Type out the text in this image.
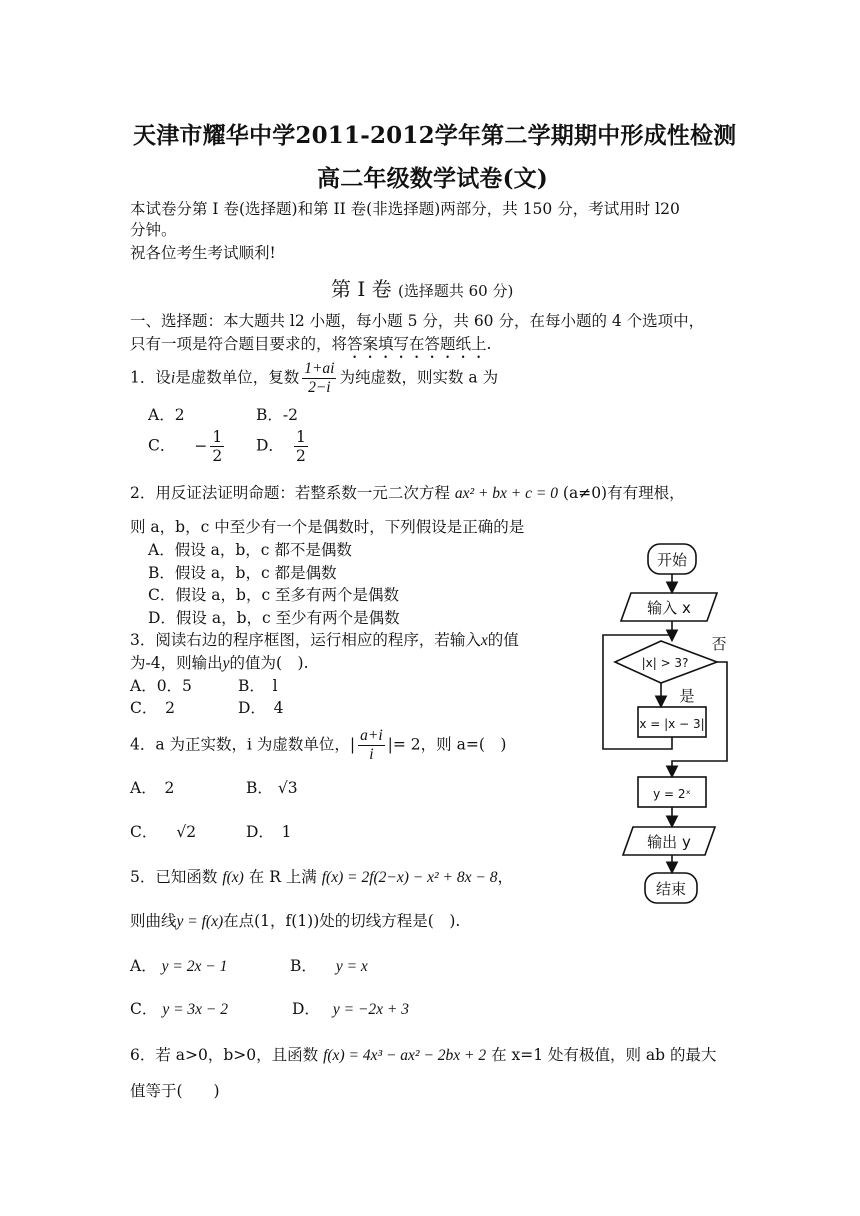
天津市耀华中学2011-2012学年第二学期期中形成性检测
高二年级数学试卷(文)
本试卷分第 I 卷(选择题)和第 II 卷(非选择题)两部分，共 150 分，考试用时 l20
分钟。
祝各位考生考试顺利!
第 I 卷 (选择题共 60 分)
一、选择题：本大题共 l2 小题，每小题 5 分，共 60 分，在每小题的 4 个选项中，
只有一项是符合题目要求的，将答案填写在答题纸上.
1．设i是虚数单位，复数 $\frac{1+ai}{2-i}$ 为纯虚数，则实数 a 为
A．2	B．-2
C． − $\frac{1}{2}$ D． $\frac{1}{2}$
2．用反证法证明命题：若整系数一元二次方程 ax² + bx + c = 0 (a≠0)有有理根，
则 a，b，c 中至少有一个是偶数时，下列假设是正确的是
A．假设 a，b，c 都不是偶数
B．假设 a，b，c 都是偶数
C．假设 a，b，c 至多有两个是偶数
D．假设 a，b，c 至少有两个是偶数
3．阅读右边的程序框图，运行相应的程序，若输入x的值
为-4，则输出y的值为(　).
A．0．5	B．　l
C．　2	D．　4
4．a 为正实数，i 为虚数单位，| $\frac{a+i}{i}$ |= 2，则 a=(　)
A．　2	B． √3
C． √2	D．　1
5．已知函数 f(x) 在 R 上满 f(x) = 2f(2−x) − x² + 8x − 8，
则曲线y = f(x)在点(1，f(1))处的切线方程是(　).
A． y = 2x − 1	B． y = x
C． y = 3x − 2	D． y = −2x + 3
6．若 a>0，b>0，且函数 f(x) = 4x³ − ax² − 2bx + 2 在 x=1 处有极值，则 ab 的最大
值等于(　　)
开始
输入 x
|x| > 3?
否
是
x = |x − 3|
y = 2ˣ
输出 y
结束
